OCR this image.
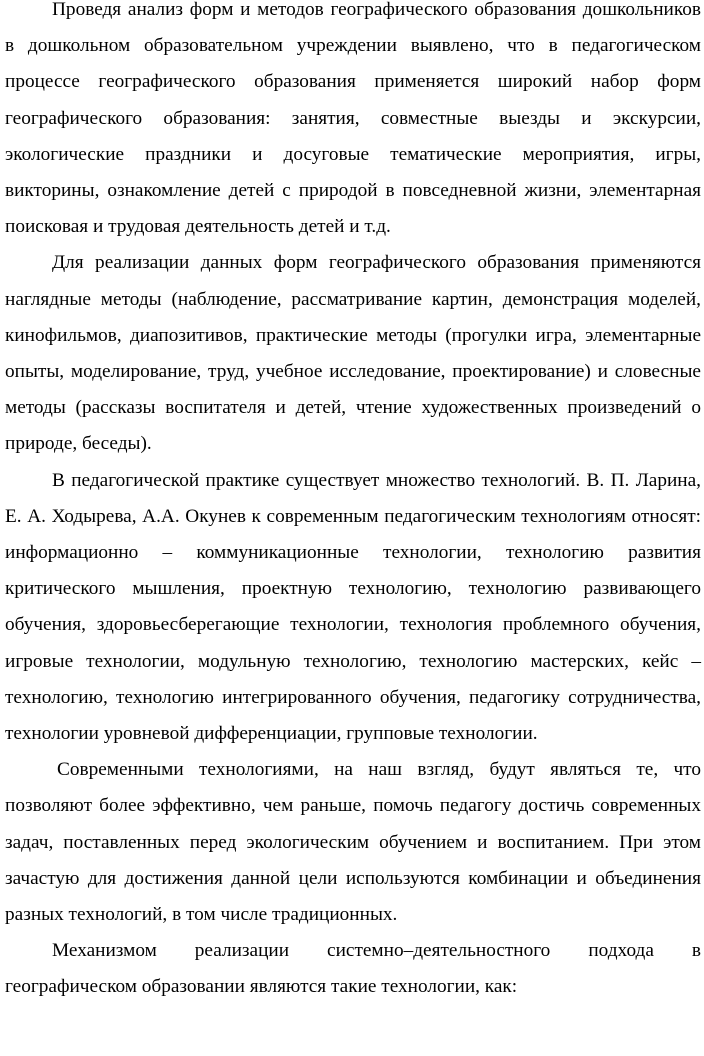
Проведя анализ форм и методов географического образования дошкольников в дошкольном образовательном учреждении выявлено, что в педагогическом процессе географического образования применяется широкий набор форм географического образования: занятия, совместные выезды и экскурсии, экологические праздники и досуговые тематические мероприятия, игры, викторины, ознакомление детей с природой в повседневной жизни, элементарная поисковая и трудовая деятельность детей и т.д.

Для реализации данных форм географического образования применяются наглядные методы (наблюдение, рассматривание картин, демонстрация моделей, кинофильмов, диапозитивов, практические методы (прогулки игра, элементарные опыты, моделирование, труд, учебное исследование, проектирование) и словесные методы (рассказы воспитателя и детей, чтение художественных произведений о природе, беседы).

В педагогической практике существует множество технологий. В. П. Ларина, Е. А. Ходырева, А.А. Окунев к современным педагогическим технологиям относят: информационно – коммуникационные технологии, технологию развития критического мышления, проектную технологию, технологию развивающего обучения, здоровьесберегающие технологии, технология проблемного обучения, игровые технологии, модульную технологию, технологию мастерских, кейс – технологию, технологию интегрированного обучения, педагогику сотрудничества, технологии уровневой дифференциации, групповые технологии.

Современными технологиями, на наш взгляд, будут являться те, что позволяют более эффективно, чем раньше, помочь педагогу достичь современных задач, поставленных перед экологическим обучением и воспитанием. При этом зачастую для достижения данной цели используются комбинации и объединения разных технологий, в том числе традиционных.

Механизмом реализации системно–деятельностного подхода в географическом образовании являются такие технологии, как:
